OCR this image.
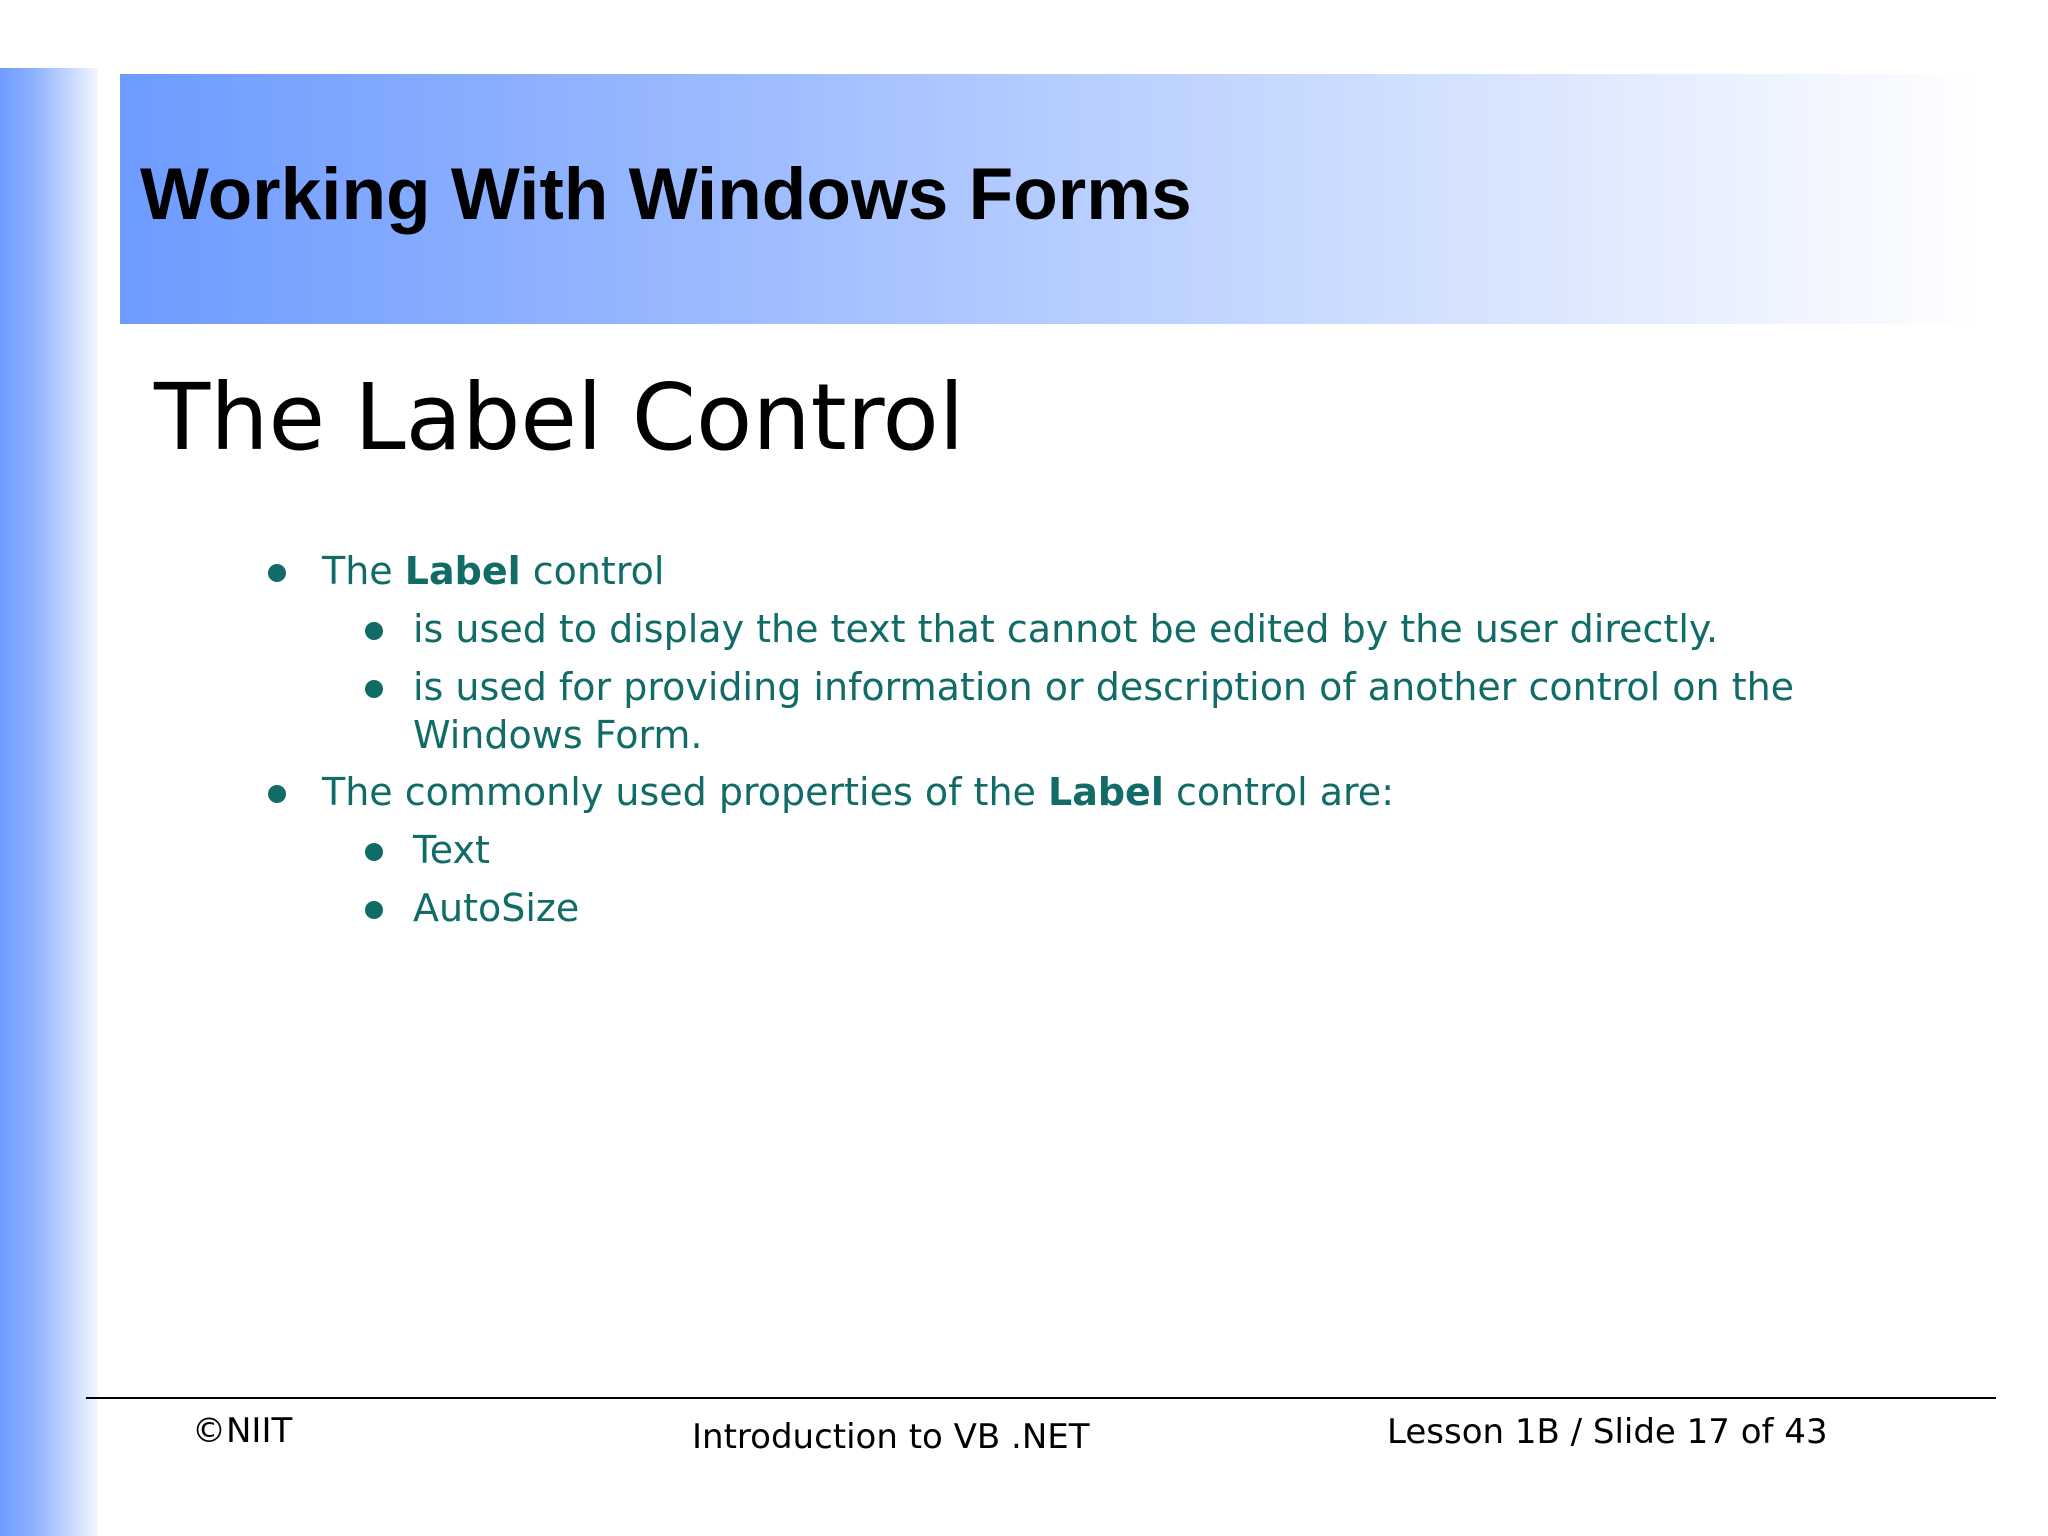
Working With Windows Forms
The Label Control
The Label control
is used to display the text that cannot be edited by the user directly.
is used for providing information or description of another control on the Windows Form.
The commonly used properties of the Label control are:
Text
AutoSize
©NIIT	Introduction to VB .NET	Lesson 1B / Slide 17 of 43
